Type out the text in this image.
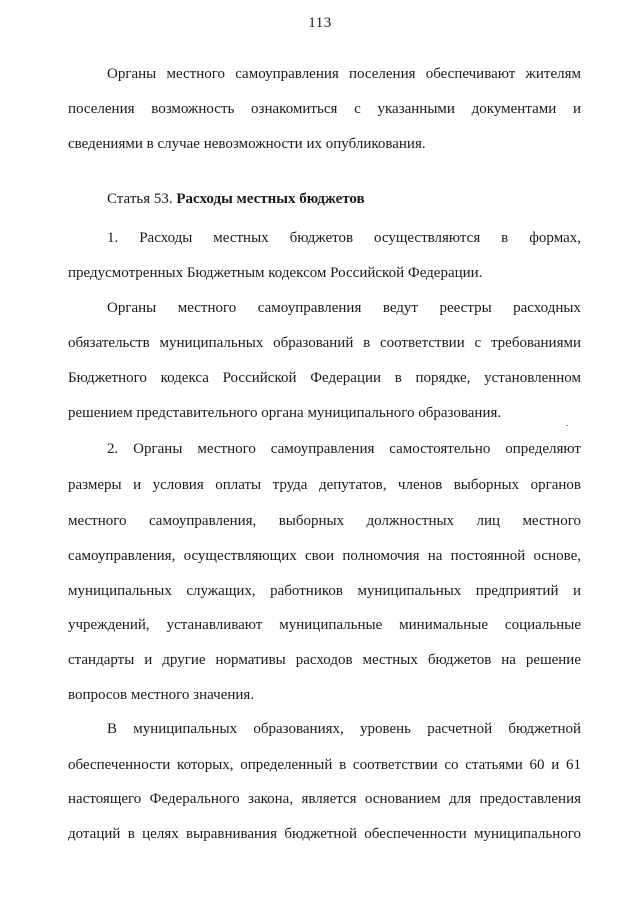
113
Органы местного самоуправления поселения обеспечивают жителям
поселения возможность ознакомиться с указанными документами и
сведениями в случае невозможности их опубликования.
Статья 53. Расходы местных бюджетов
1. Расходы местных бюджетов осуществляются в формах,
предусмотренных Бюджетным кодексом Российской Федерации.
Органы местного самоуправления ведут реестры расходных
обязательств муниципальных образований в соответствии с требованиями
Бюджетного кодекса Российской Федерации в порядке, установленном
решением представительного органа муниципального образования.
2. Органы местного самоуправления самостоятельно определяют
размеры и условия оплаты труда депутатов, членов выборных органов
местного самоуправления, выборных должностных лиц местного
самоуправления, осуществляющих свои полномочия на постоянной основе,
муниципальных служащих, работников муниципальных предприятий и
учреждений, устанавливают муниципальные минимальные социальные
стандарты и другие нормативы расходов местных бюджетов на решение
вопросов местного значения.
В муниципальных образованиях, уровень расчетной бюджетной
обеспеченности которых, определенный в соответствии со статьями 60 и 61
настоящего Федерального закона, является основанием для предоставления
дотаций в целях выравнивания бюджетной обеспеченности муниципального
